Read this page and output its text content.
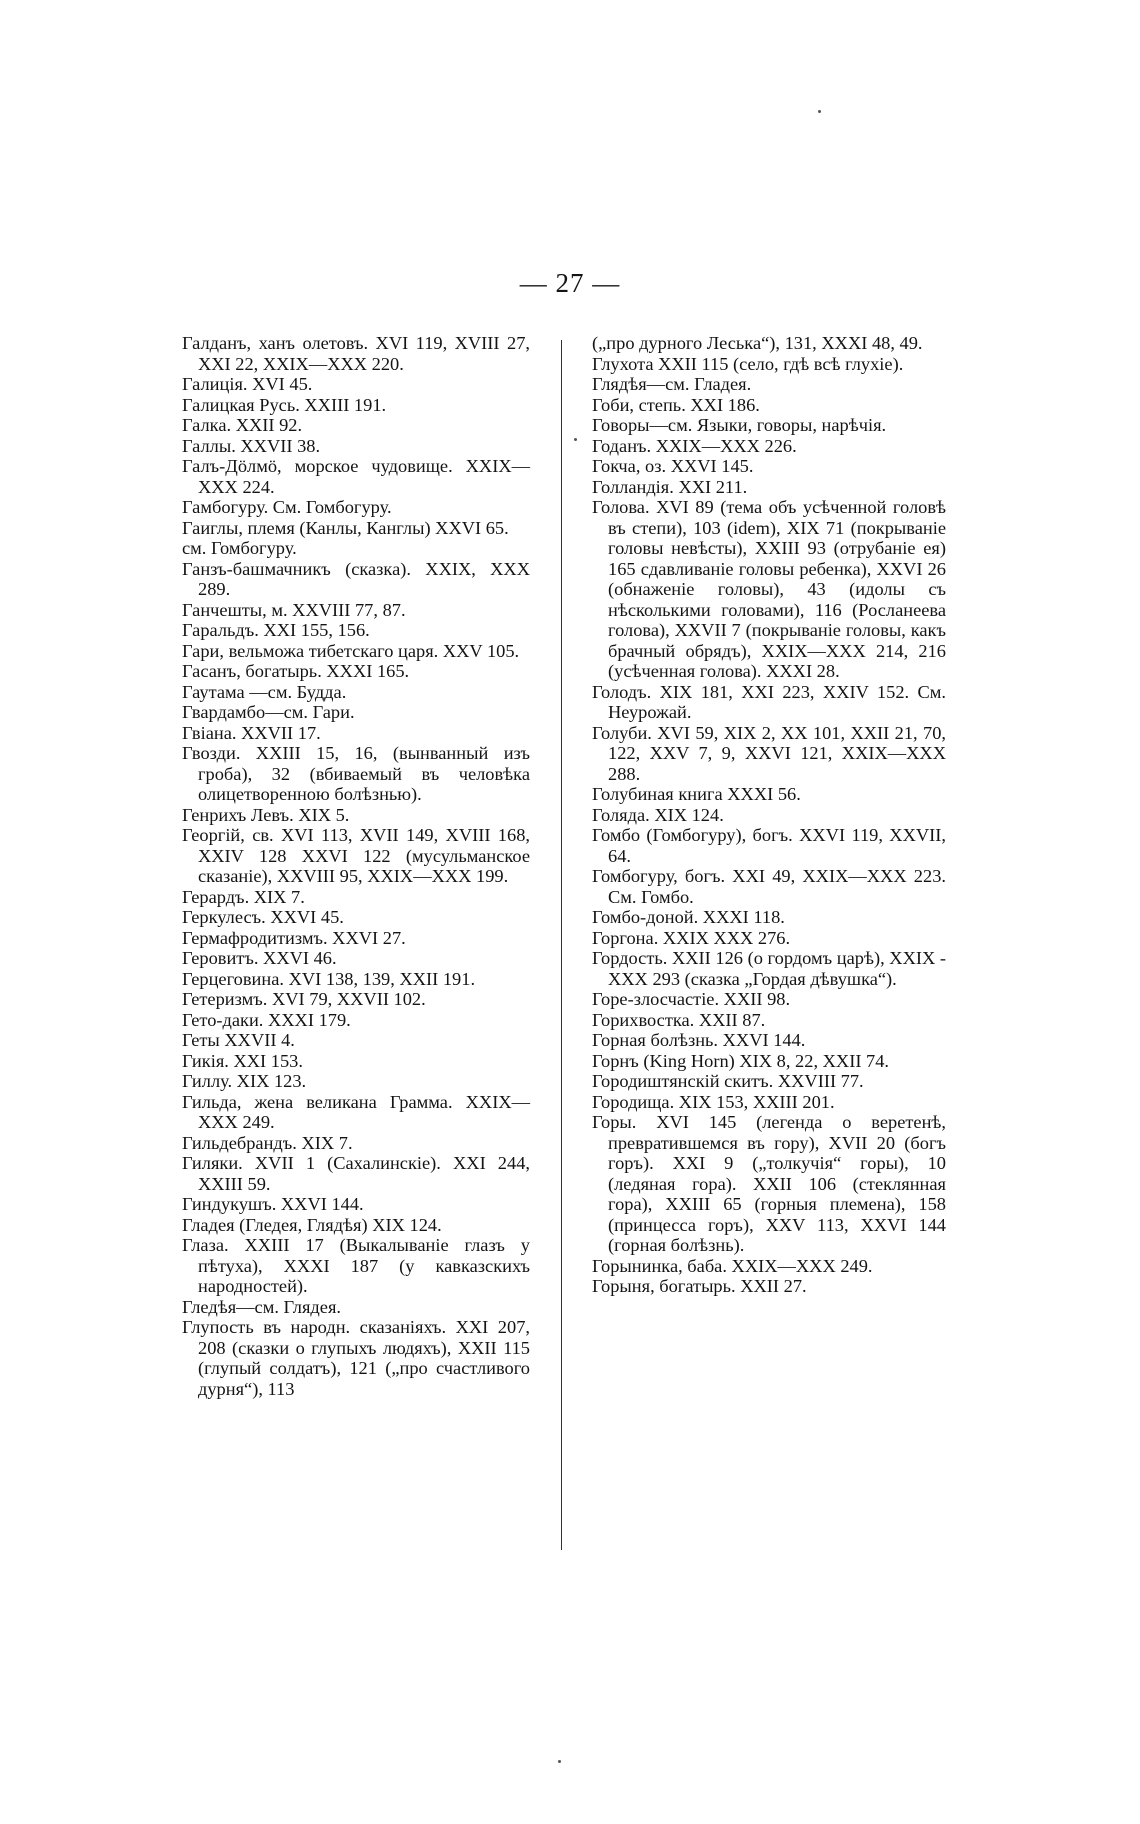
— 27 —

Галданъ, ханъ олетовъ. XVI 119, XVIII 27, XXI 22, XXIX—XXX 220.

Галиція. XVI 45.

Галицкая Русь. XXIII 191.

Галка. XXII 92.

Галлы. XXVII 38.

Галъ-Дöлмö, морское чудовище. XXIX—XXX 224.

Гамбогуру. См. Гомбогуру.

Гаиглы, племя (Канлы, Канглы) XXVI 65.

см. Гомбогуру.

Ганзъ-башмачникъ (сказка). XXIX, XXX 289.

Ганчешты, м. XXVIII 77, 87.

Гаральдъ. XXI 155, 156.

Гари, вельможа тибетскаго царя. XXV 105.

Гасанъ, богатырь. XXXI 165.

Гаутама —см. Будда.

Гвардамбо—см. Гари.

Гвiана. XXVII 17.

Гвозди. XXIII 15, 16, (вынванный изъ гроба), 32 (вбиваемый въ человѣка олицетворенною болѣзнью).

Генрихъ Левъ. XIX 5.

Георгій, св. XVI 113, XVII 149, XVIII 168, XXIV 128 XXVI 122 (мусульманское сказаніе), XXVIII 95, XXIX—XXX 199.

Герардъ. XIX 7.

Геркулесъ. XXVI 45.

Гермафродитизмъ. XXVI 27.

Геровитъ. XXVI 46.

Герцеговина. XVI 138, 139, XXII 191.

Гетеризмъ. XVI 79, XXVII 102.

Гето-даки. XXXI 179.

Геты XXVII 4.

Гикія. XXI 153.

Гиллу. XIX 123.

Гильда, жена великана Грамма. XXIX—XXX 249.

Гильдебрандъ. XIX 7.

Гиляки. XVII 1 (Сахалинскіе). XXI 244, XXIII 59.

Гиндукушъ. XXVI 144.

Гладея (Гледея, Глядѣя) XIX 124.

Глаза. XXIII 17 (Выкалываніе глазъ у пѣтуха), XXXI 187 (у кавказскихъ народностей).

Гледѣя—см. Глядея.

Глупость въ народн. сказаніяхъ. XXI 207, 208 (сказки о глупыхъ людяхъ), XXII 115 (глупый солдатъ), 121 („про счастливого дурня“), 113

(„про дурного Леська“), 131, XXXI 48, 49.

Глухота XXII 115 (село, гдѣ всѣ глухіе).

Глядѣя—см. Гладея.

Гоби, степь. XXI 186.

Говоры—см. Языки, говоры, нарѣчія.

Годанъ. XXIX—XXX 226.

Гокча, оз. XXVI 145.

Голландія. XXI 211.

Голова. XVI 89 (тема объ усѣченной головѣ въ степи), 103 (idem), XIX 71 (покрываніе головы невѣсты), XXIII 93 (отрубаніе ея) 165 сдавливаніе головы ребенка), XXVI 26 (обнаженіе головы), 43 (идолы съ нѣсколькими головами), 116 (Рослaнеева голова), XXVII 7 (покрываніе головы, какъ брачный обрядъ), XXIX—XXX 214, 216 (усѣченная голова). XXXI 28.

Голодъ. XIX 181, XXI 223, XXIV 152. См. Неурожай.

Голуби. XVI 59, XIX 2, XX 101, XXII 21, 70, 122, XXV 7, 9, XXVI 121, XXIX—XXX 288.

Голубиная книга XXXI 56.

Голяда. XIX 124.

Гомбо (Гомбогуру), богъ. XXVI 119, XXVII, 64.

Гомбогуру, богъ. XXI 49, XXIX—XXX 223. См. Гомбо.

Гомбо-доной. XXXI 118.

Горгона. XXIX XXX 276.

Гордость. XXII 126 (о гордомъ царѣ), XXIX - XXX 293 (сказка „Гордая дѣвушка“).

Горе-злосчастіе. XXII 98.

Горихвостка. XXII 87.

Горная болѣзнь. XXVI 144.

Горнъ (King Horn) XIX 8, 22, XXII 74.

Городиштянскій скитъ. XXVIII 77.

Городища. XIX 153, XXIII 201.

Горы. XVI 145 (легенда о веретенѣ, превратившемся въ гору), XVII 20 (богъ горъ). XXI 9 („толкучія“ горы), 10 (ледяная гора). XXII 106 (стеклянная гора), XXIII 65 (горныя племена), 158 (принцесса горъ), XXV 113, XXVI 144 (горная болѣзнь).

Горынинка, баба. XXIX—XXX 249.

Горыня, богатырь. XXII 27.
